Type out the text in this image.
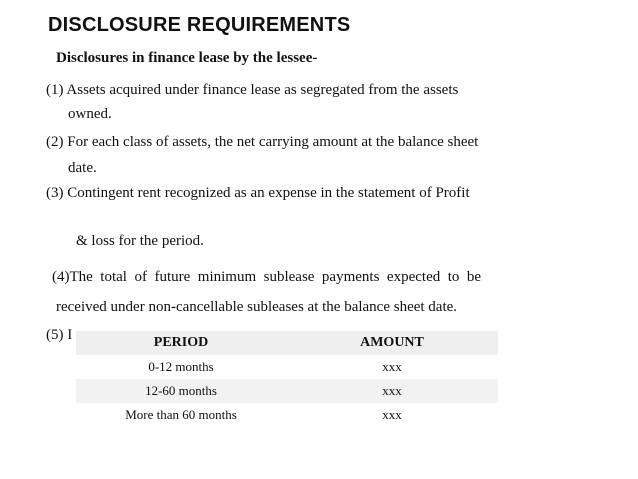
DISCLOSURE REQUIREMENTS
Disclosures in finance lease by the lessee-
(1) Assets acquired under finance lease as segregated from the assets
owned.
(2) For each class of assets, the net carrying amount at the balance sheet
date.
(3) Contingent rent recognized as an expense in the statement of Profit
& loss for the period.
(4)The  total  of  future  minimum  sublease  payments  expected  to  be
received under non-cancellable subleases at the balance sheet date.
(5) I	PERIOD	AMOUNT
0-12 months	xxx
12-60 months	xxx
More than 60 months	xxx
